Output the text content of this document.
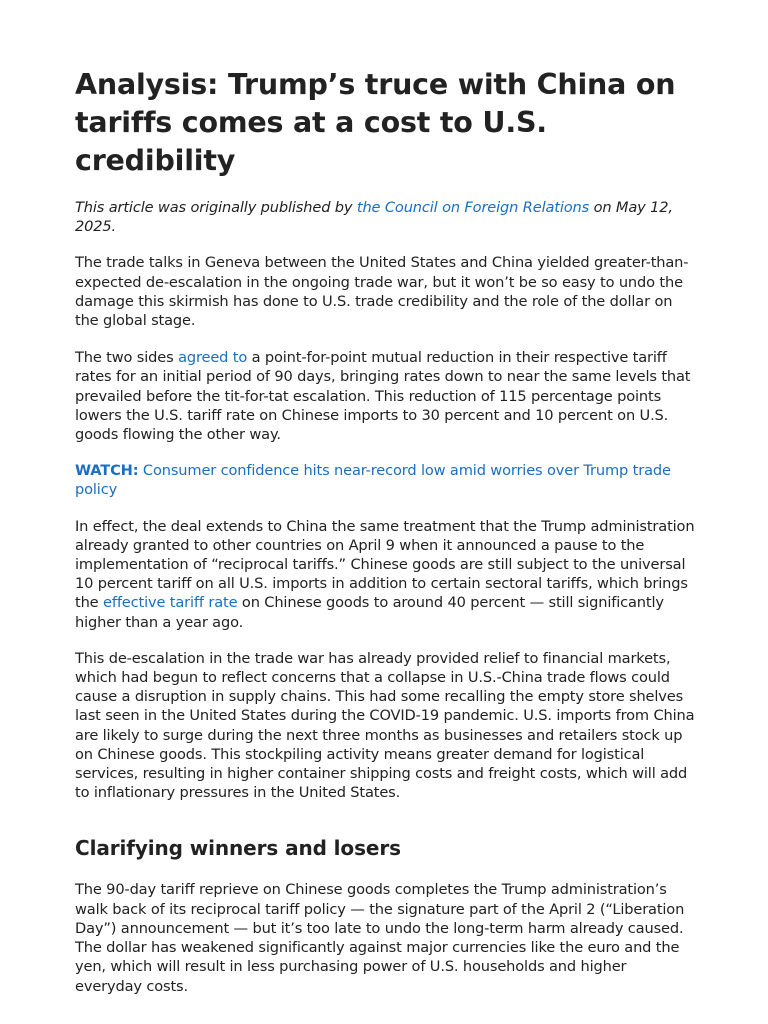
Analysis: Trump’s truce with China on tariffs comes at a cost to U.S. credibility

This article was originally published by the Council on Foreign Relations on May 12, 2025.

The trade talks in Geneva between the United States and China yielded greater-than-expected de-escalation in the ongoing trade war, but it won’t be so easy to undo the damage this skirmish has done to U.S. trade credibility and the role of the dollar on the global stage.

The two sides agreed to a point-for-point mutual reduction in their respective tariff rates for an initial period of 90 days, bringing rates down to near the same levels that prevailed before the tit-for-tat escalation. This reduction of 115 percentage points lowers the U.S. tariff rate on Chinese imports to 30 percent and 10 percent on U.S. goods flowing the other way.

WATCH: Consumer confidence hits near-record low amid worries over Trump trade policy

In effect, the deal extends to China the same treatment that the Trump administration already granted to other countries on April 9 when it announced a pause to the implementation of “reciprocal tariffs.” Chinese goods are still subject to the universal 10 percent tariff on all U.S. imports in addition to certain sectoral tariffs, which brings the effective tariff rate on Chinese goods to around 40 percent — still significantly higher than a year ago.

This de-escalation in the trade war has already provided relief to financial markets, which had begun to reflect concerns that a collapse in U.S.-China trade flows could cause a disruption in supply chains. This had some recalling the empty store shelves last seen in the United States during the COVID-19 pandemic. U.S. imports from China are likely to surge during the next three months as businesses and retailers stock up on Chinese goods. This stockpiling activity means greater demand for logistical services, resulting in higher container shipping costs and freight costs, which will add to inflationary pressures in the United States.

Clarifying winners and losers

The 90-day tariff reprieve on Chinese goods completes the Trump administration’s walk back of its reciprocal tariff policy — the signature part of the April 2 (“Liberation Day”) announcement — but it’s too late to undo the long-term harm already caused. The dollar has weakened significantly against major currencies like the euro and the yen, which will result in less purchasing power of U.S. households and higher everyday costs.
